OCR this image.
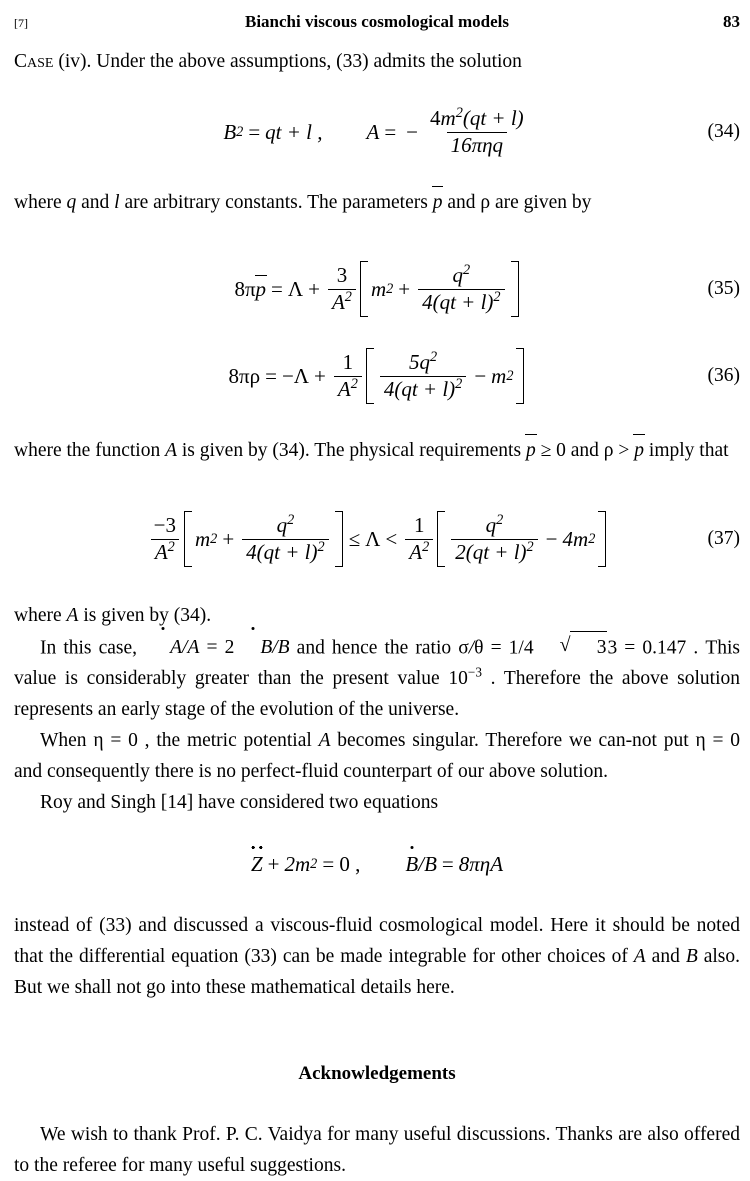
[7]	Bianchi viscous cosmological models	83

Case (iv). Under the above assumptions, (33) admits the solution

B 2 = qt + l , A = − $\frac{4m^2(qt + l)}{\text{16πηq}}$	(34)

where q and l are arbitrary constants. The parameters p and ρ are given by

8π $p = \Lambda + \frac{3}{A^2}$ m $2 + \frac{q^2}{4(qt + l)^2}$	(35)
8π $\rho = -\Lambda + \frac{1}{A^2} \frac{5q^2}{4(qt + l)^2} - m$ 2	(36)

where the function A is given by (34). The physical requirements p ≥ 0 and ρ > p imply that

$\frac{-3}{A^2}$ m $2 + \frac{q^2}{4(qt + l)^2} \le \Lambda < \frac{1}{A^2} \frac{q^2}{2(qt + l)^2} - 4m$ 2	(37)

where A is given by (34).

In this case, A/A = 2 B/B and hence the ratio σ/θ = 1/4	√ 33 = 0.147 . This value is considerably greater than the present value $10^{-3}$ . Therefore the above solution represents an early stage of the evolution of the universe.

When η = 0 , the metric potential A becomes singular. Therefore we can-not put η = 0 and consequently there is no perfect-fluid counterpart of our above solution.

Roy and Singh [14] have considered two equations

Z + 2m 2 = 0 , B /B = 8πηA

instead of (33) and discussed a viscous-fluid cosmological model. Here it should be noted that the differential equation (33) can be made integrable for other choices of A and B also. But we shall not go into these mathematical details here.

Acknowledgements

We wish to thank Prof. P. C. Vaidya for many useful discussions. Thanks are also offered to the referee for many useful suggestions.
